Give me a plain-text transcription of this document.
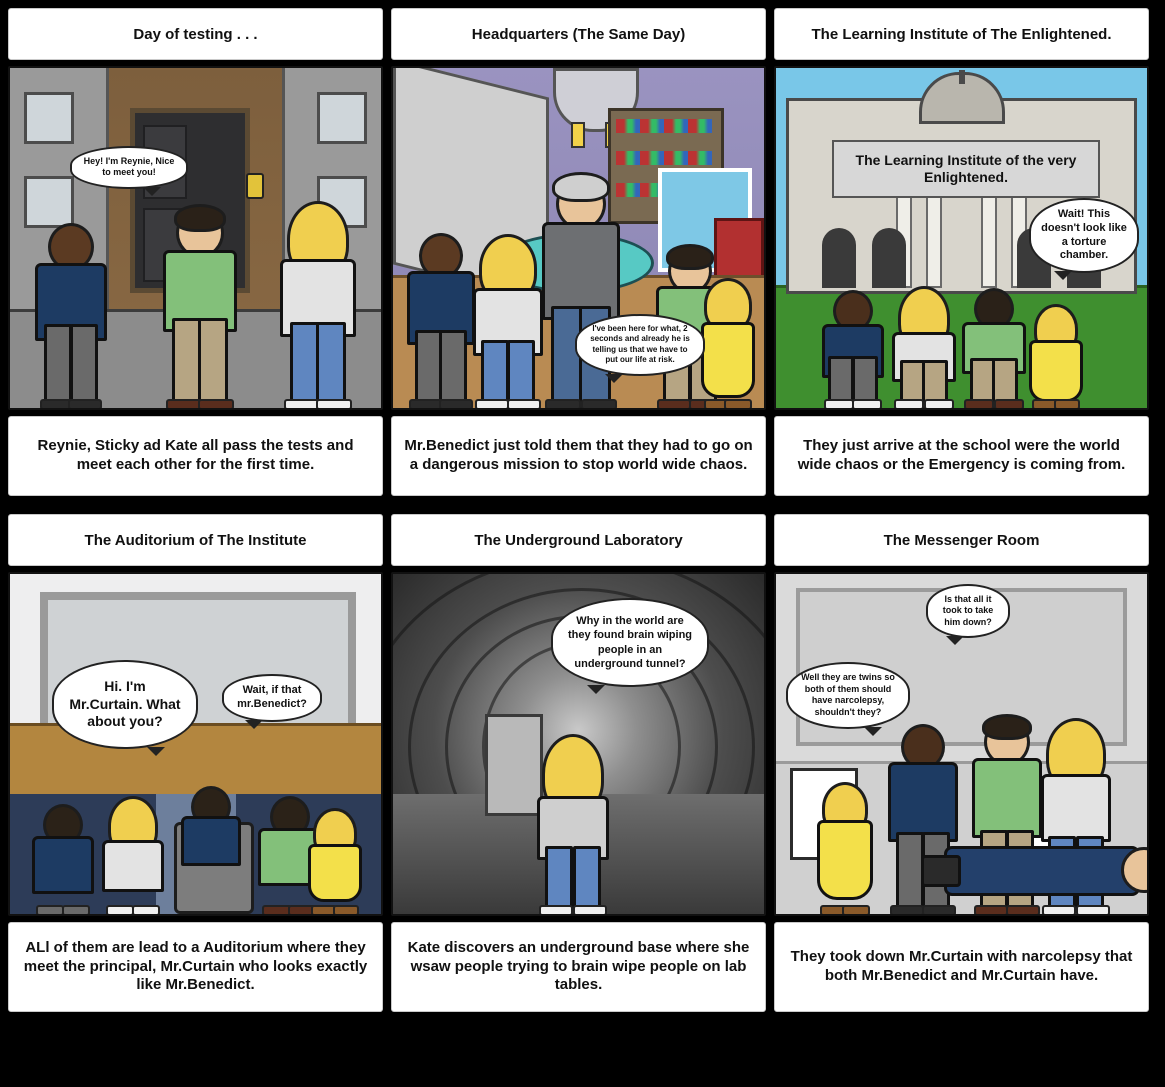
Day of testing . . .
Hey! I'm Reynie, Nice to meet you!
Reynie, Sticky ad Kate all pass the tests and meet each other for the first time.
Headquarters (The Same Day)
I've been here for what, 2 seconds and already he is telling us that we have to put our life at risk.
Mr.Benedict just told them that they had to go on a dangerous mission to stop world wide chaos.
The Learning Institute of The Enlightened.
The Learning Institute of the very Enlightened.
Wait! This doesn't look like a torture chamber.
They just arrive at the school were the world wide chaos or the Emergency is coming from.
The Auditorium of The Institute
Hi. I'm Mr.Curtain. What about you?
Wait, if that mr.Benedict?
ALl of them are lead to a Auditorium where they meet the principal, Mr.Curtain who looks exactly like Mr.Benedict.
The Underground Laboratory
Why in the world are they found brain wiping people in an underground tunnel?
Kate discovers an underground base where she wsaw people trying to brain wipe people on lab tables.
The Messenger Room
Is that all it took to take him down?
Well they are twins so both of them should have narcolepsy, shouldn't they?
They took down Mr.Curtain with narcolepsy that both Mr.Benedict and Mr.Curtain have.
